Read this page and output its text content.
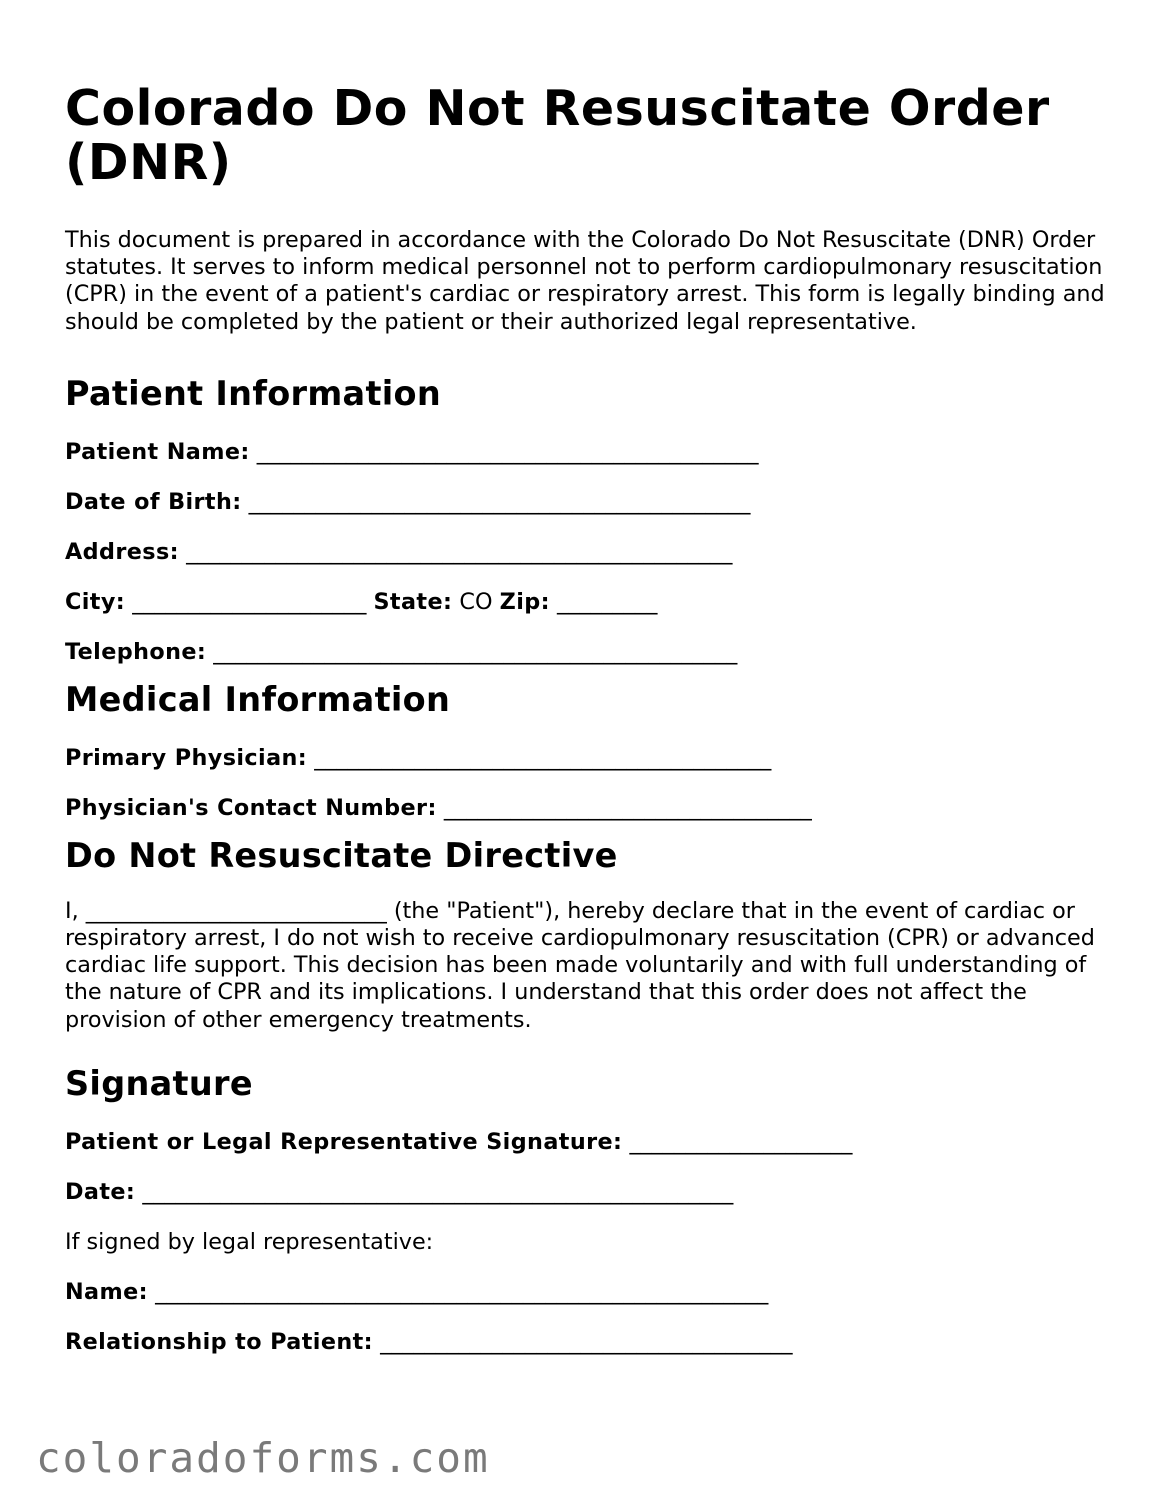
Colorado Do Not Resuscitate Order (DNR)

This document is prepared in accordance with the Colorado Do Not Resuscitate (DNR) Order statutes. It serves to inform medical personnel not to perform cardiopulmonary resuscitation (CPR) in the event of a patient's cardiac or respiratory arrest. This form is legally binding and should be completed by the patient or their authorized legal representative.

Patient Information
Patient Name: _____________________________________________
Date of Birth: _____________________________________________
Address: _________________________________________________
City: _____________________ State: CO Zip: _________
Telephone: _______________________________________________
Medical Information
Primary Physician: _________________________________________
Physician's Contact Number: _________________________________
Do Not Resuscitate Directive

I, ___________________________ (the "Patient"), hereby declare that in the event of cardiac or respiratory arrest, I do not wish to receive cardiopulmonary resuscitation (CPR) or advanced cardiac life support. This decision has been made voluntarily and with full understanding of the nature of CPR and its implications. I understand that this order does not affect the provision of other emergency treatments.

Signature
Patient or Legal Representative Signature: ____________________
Date: _____________________________________________________
If signed by legal representative:
Name: _______________________________________________________
Relationship to Patient: _____________________________________
coloradoforms.com
